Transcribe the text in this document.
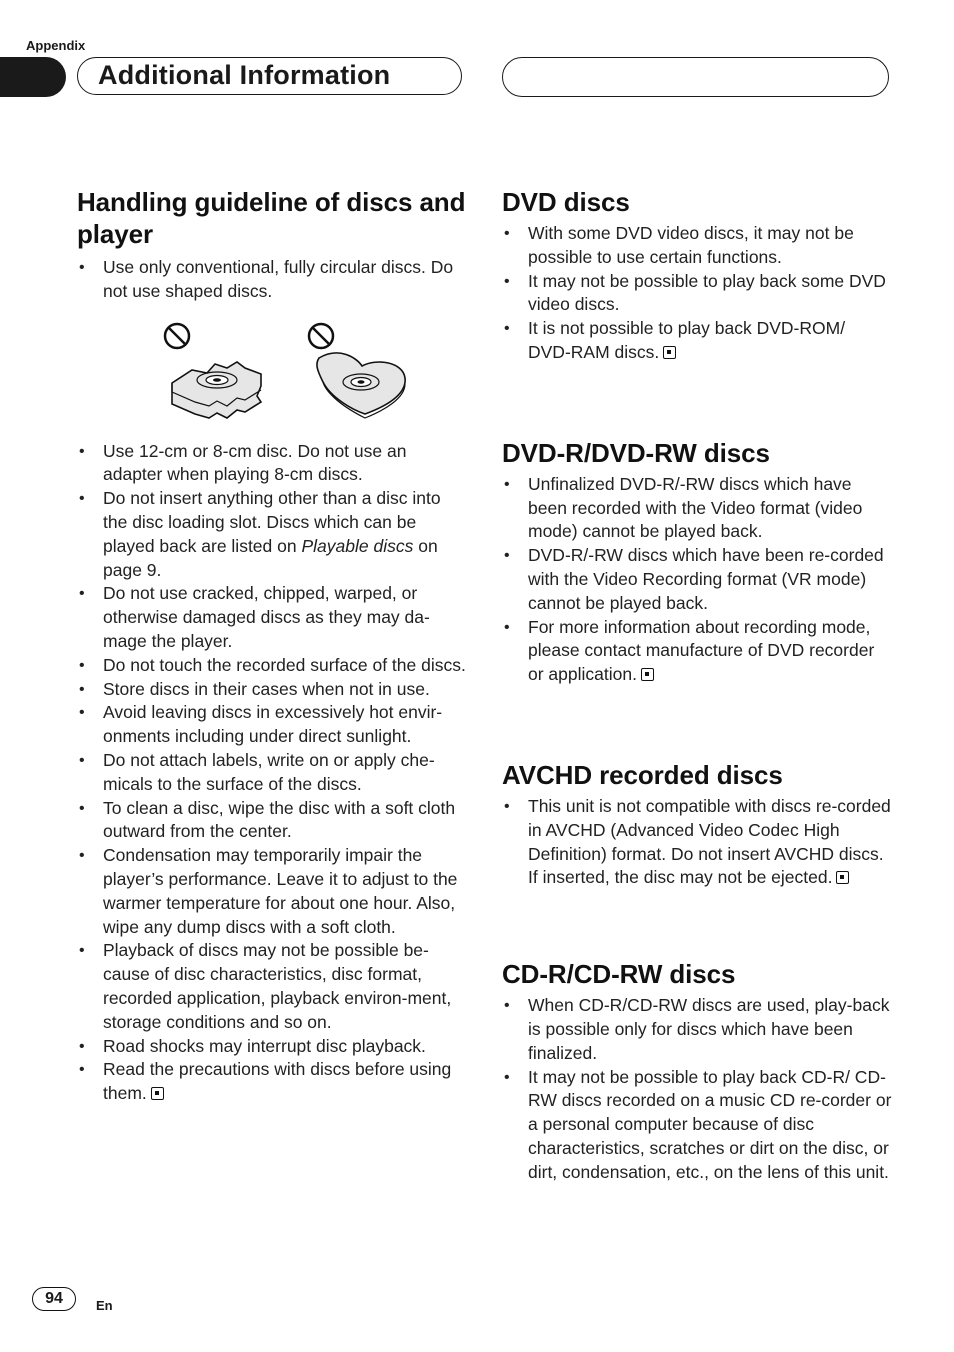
Appendix
Additional Information
Handling guideline of discs and player
• Use only conventional, fully circular discs. Do not use shaped discs.
• Use 12-cm or 8-cm disc. Do not use an adapter when playing 8-cm discs.
• Do not insert anything other than a disc into the disc loading slot. Discs which can be played back are listed on Playable discs on page 9.
• Do not use cracked, chipped, warped, or otherwise damaged discs as they may da-mage the player.
• Do not touch the recorded surface of the discs.
• Store discs in their cases when not in use.
• Avoid leaving discs in excessively hot envir-onments including under direct sunlight.
• Do not attach labels, write on or apply che-micals to the surface of the discs.
• To clean a disc, wipe the disc with a soft cloth outward from the center.
• Condensation may temporarily impair the player’s performance. Leave it to adjust to the warmer temperature for about one hour. Also, wipe any dump discs with a soft cloth.
• Playback of discs may not be possible be-cause of disc characteristics, disc format, recorded application, playback environ-ment, storage conditions and so on.
• Road shocks may interrupt disc playback.
• Read the precautions with discs before using them.
DVD discs
• With some DVD video discs, it may not be possible to use certain functions.
• It may not be possible to play back some DVD video discs.
• It is not possible to play back DVD-ROM/ DVD-RAM discs.
DVD-R/DVD-RW discs
• Unfinalized DVD-R/-RW discs which have been recorded with the Video format (video mode) cannot be played back.
• DVD-R/-RW discs which have been re-corded with the Video Recording format (VR mode) cannot be played back.
• For more information about recording mode, please contact manufacture of DVD recorder or application.
AVCHD recorded discs
• This unit is not compatible with discs re-corded in AVCHD (Advanced Video Codec High Definition) format. Do not insert AVCHD discs. If inserted, the disc may not be ejected.
CD-R/CD-RW discs
• When CD-R/CD-RW discs are used, play-back is possible only for discs which have been finalized.
• It may not be possible to play back CD-R/ CD-RW discs recorded on a music CD re-corder or a personal computer because of disc characteristics, scratches or dirt on the disc, or dirt, condensation, etc., on the lens of this unit.
94	En
